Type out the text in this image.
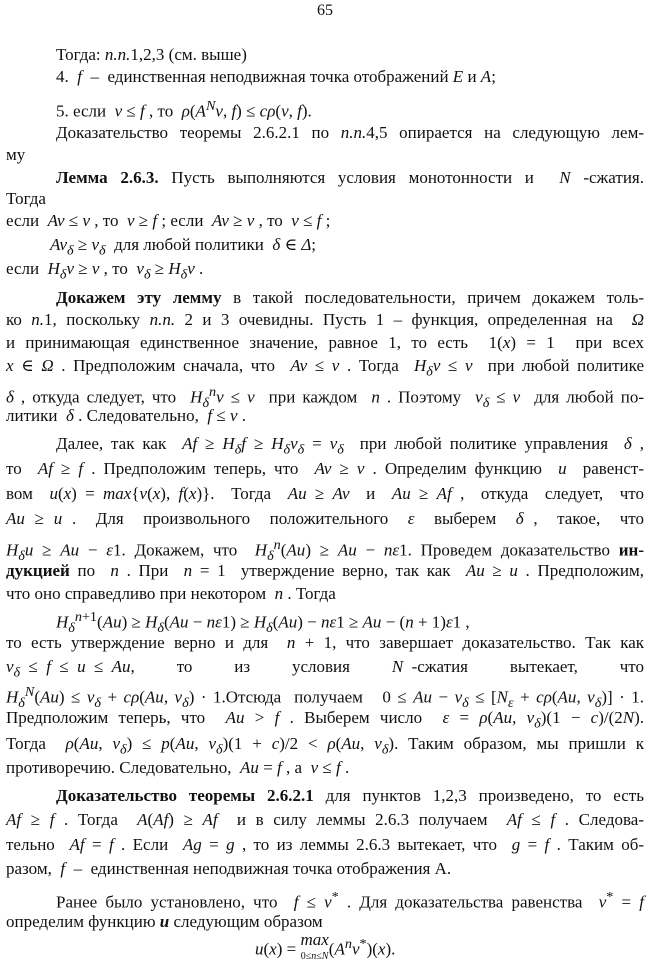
65
Тогда: п.п.1,2,3 (см. выше)
4.  f  –  единственная неподвижная точка отображений E и A;
5. если  v ≤ f , то  $\rho(A^Nv$, f) ≤ cρ(v, f).
Доказательство теоремы 2.6.2.1 по п.п.4,5 опирается на следующую лем-
му
Лемма 2.6.3. Пусть выполняются условия монотонности и  N -сжатия.
Тогда
если  Av ≤ v , то  v ≥ f ; если  Av ≥ v , то  v ≤ f ;
$Av_\delta \ge v_\delta$  для любой политики  δ ∈ Δ;
если  $H_\delta v \ge v$ , то  $v_\delta \ge H_\delta v$ .
Докажем эту лемму в такой последовательности, причем докажем толь-
ко п.1, поскольку п.п. 2 и 3 очевидны. Пусть 1 – функция, определенная на  Ω
и принимающая единственное значение, равное 1, то есть  1(x) = 1  при всех
x ∈ Ω . Предположим сначала, что  Av ≤ v . Тогда  $H_\delta v \le v$  при любой политике
δ , откуда следует, что  $H_\delta^nv \le v$  при каждом  n . Поэтому  $v_\delta \le v$  для любой по-
литики  δ . Следовательно,  f ≤ v .
Далее, так как  $Af \ge H_\delta f \ge H_\delta v_\delta = v_\delta$  при любой политике управления  δ ,
то  Af ≥ f . Предположим теперь, что  Av ≥ v . Определим функцию  u  равенст-
вом  u(x) = max{v(x), f(x)}.  Тогда  Au ≥ Av  и  Au ≥ Af ,  откуда  следует,  что
Au ≥ u .  Для  произвольного  положительного  ε  выберем  δ ,  такое,  что
$H_\delta u \ge Au - \varepsilon 1$. Докажем, что  $H_\delta^n(Au) \ge Au - n\varepsilon 1$. Проведем доказательство ин-
дукцией по  n . При  n = 1  утверждение верно, так как  Au ≥ u . Предположим,
что оно справедливо при некотором  n . Тогда
$H_\delta^{n+1}(Au) \ge H_\delta(Au - n\varepsilon 1) \ge H_\delta(Au) - n\varepsilon 1 \ge Au - (n + 1)\varepsilon 1$ ,
то есть утверждение верно и для  n + 1, что завершает доказательство. Так как
$v_\delta \le f \le u \le Au$,     то     из     условия     N -сжатия     вытекает,     что
$H_\delta^N(Au) \le v_\delta + c\rho(Au$, $v_\delta$) · 1.Отсюда  получаем   $0 \le Au - v_\delta \le [N_\varepsilon + c\rho(Au$, $v_\delta)] \cdot 1$.
Предположим теперь, что  Au > f . Выберем число  ε = ρ(Au, $v_\delta)(1 - c)/(2N)$.
Тогда  ρ(Au, $v_\delta) \le p(Au$, $v_\delta)(1 + c)/2 < \rho(Au$, $v_\delta$). Таким образом, мы пришли к
противоречию. Следовательно,  Au = f , а  v ≤ f .
Доказательство теоремы 2.6.2.1 для пунктов 1,2,3 произведено, то есть
Af ≥ f . Тогда  A(Af) ≥ Af  и в силу леммы 2.6.3 получаем  Af ≤ f . Следова-
тельно  Af = f . Если  Ag = g , то из леммы 2.6.3 вытекает, что  g = f . Таким об-
разом,  f  –  единственная неподвижная точка отображения А.
Ранее было установлено, что  f ≤ v* . Для доказательства равенства  v* = f
определим функцию u следующим образом
u(x) = max
$0\le n\le N(A^nv^*)(x)$.
